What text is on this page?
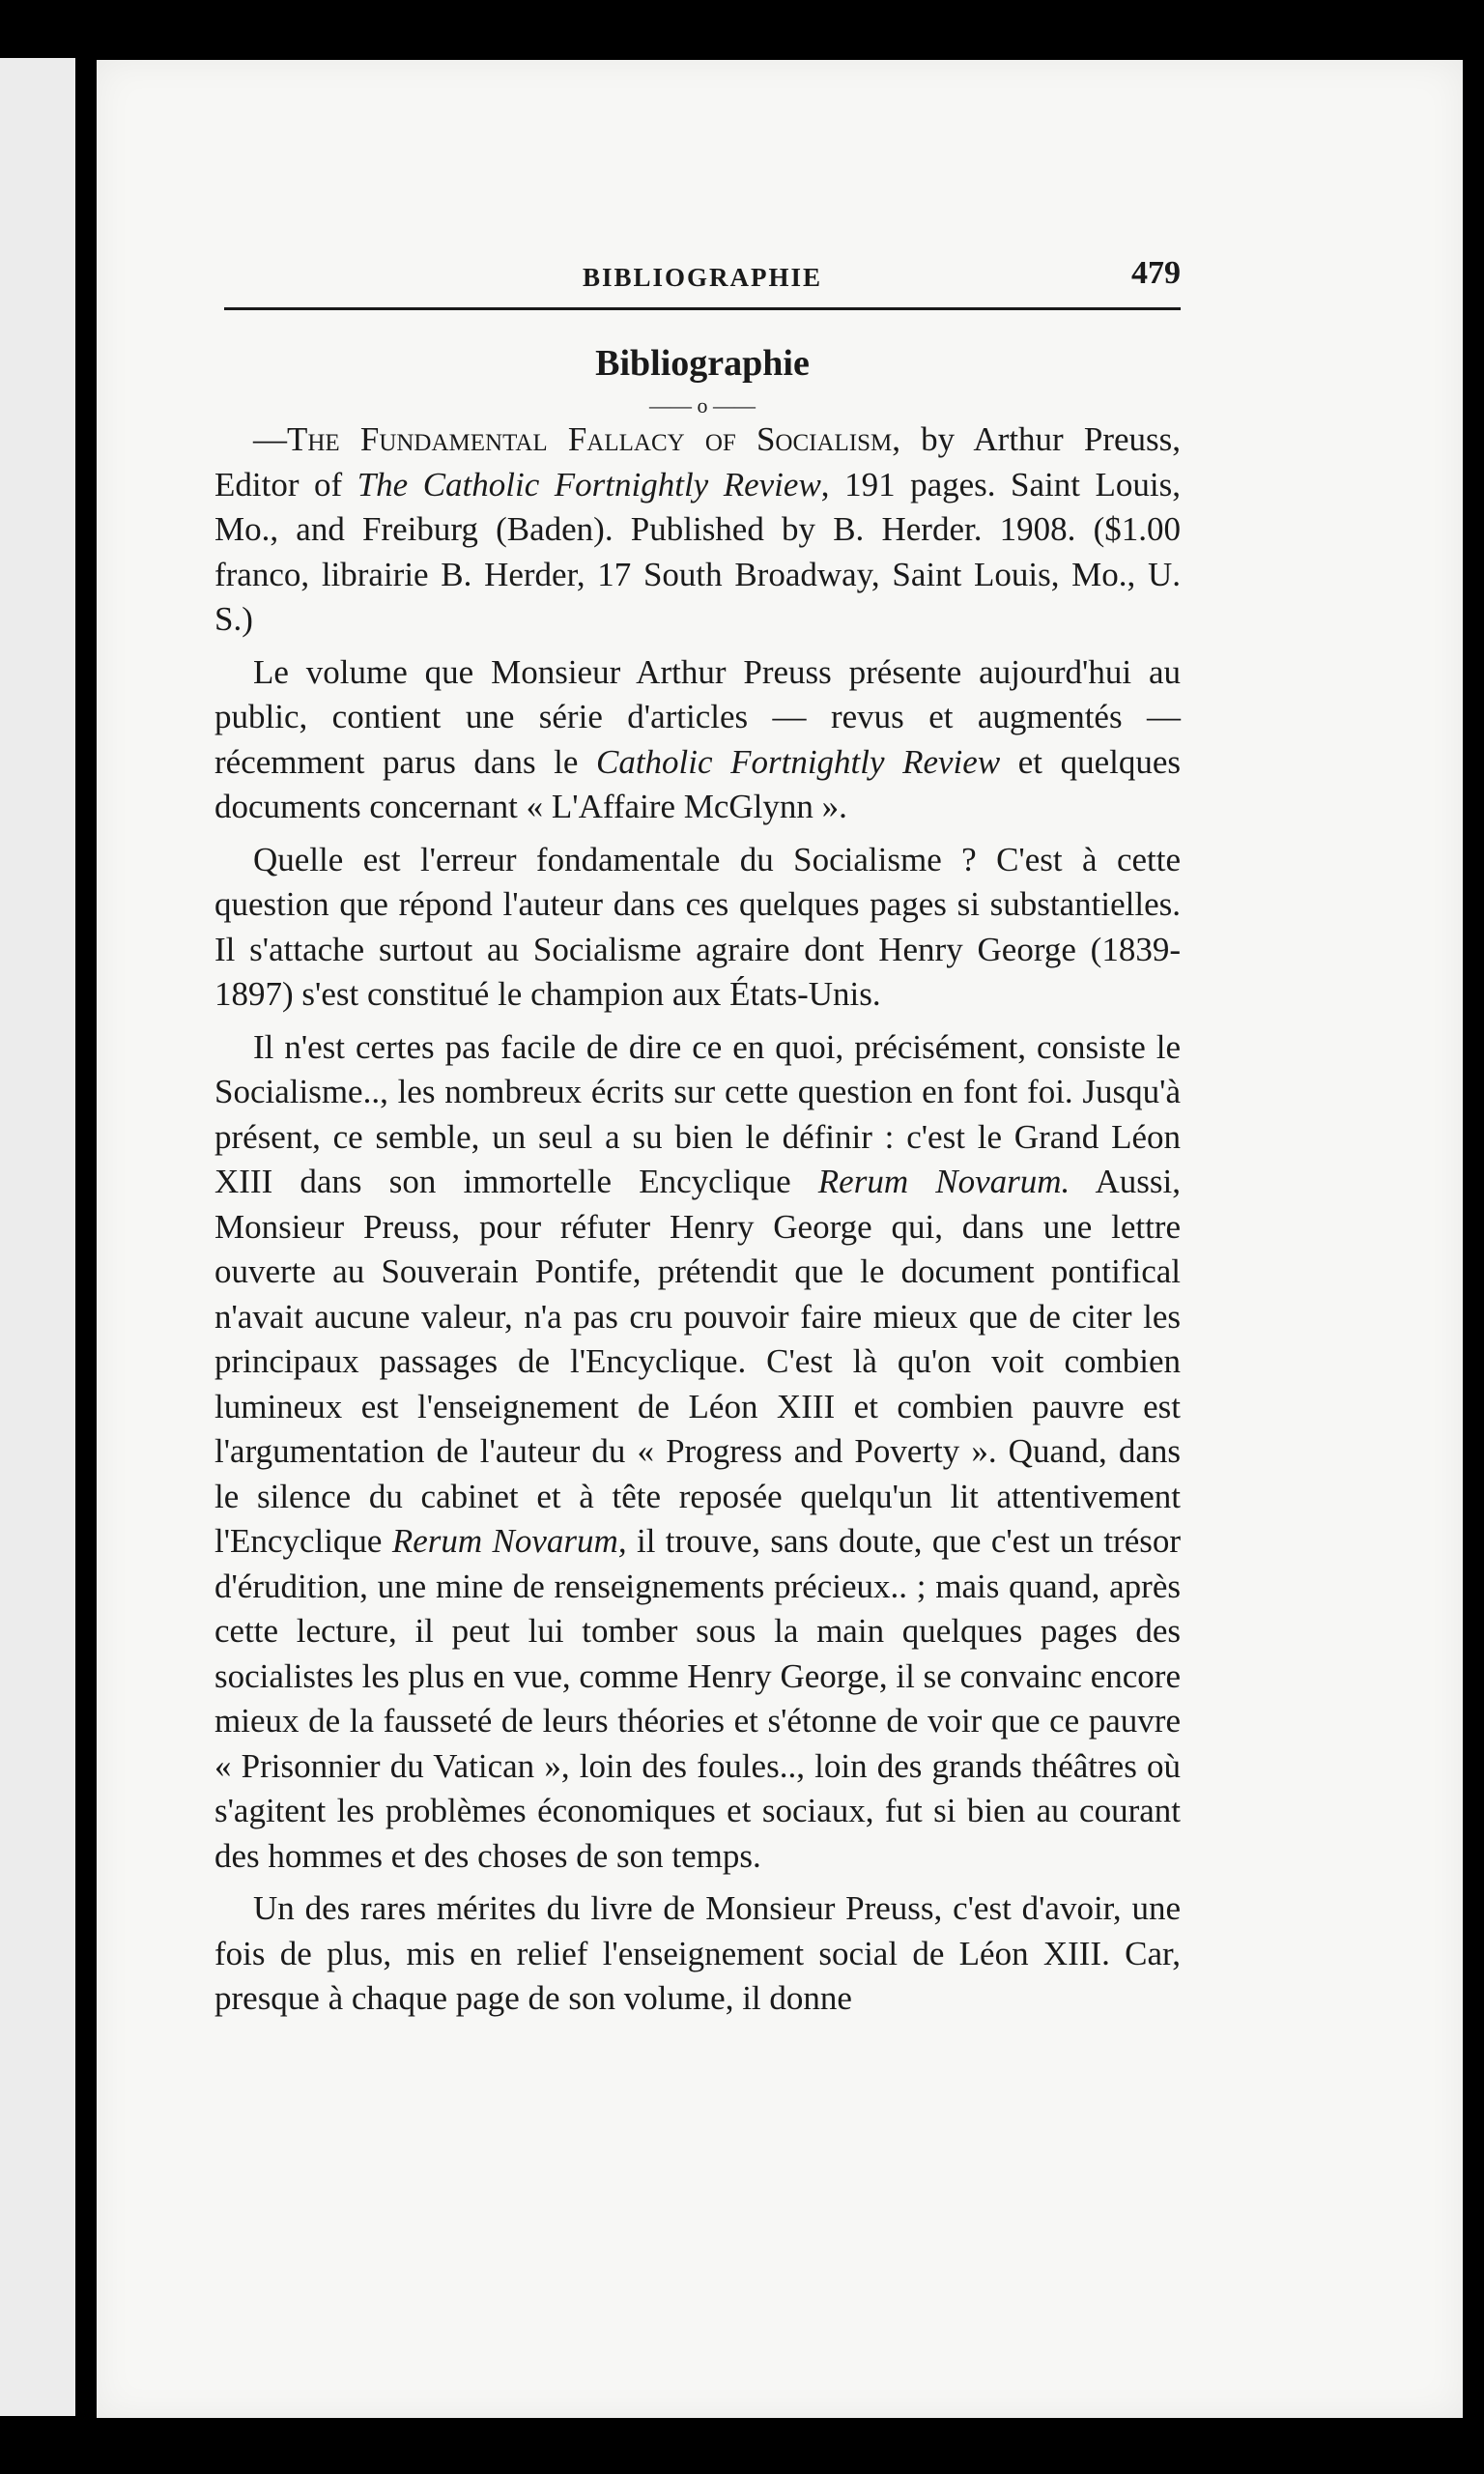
BIBLIOGRAPHIE	479
Bibliographie
—— o ——

—The Fundamental Fallacy of Socialism, by Arthur Preuss, Editor of The Catholic Fortnightly Review, 191 pages. Saint Louis, Mo., and Freiburg (Baden). Published by B. Herder. 1908. ($1.00 franco, librairie B. Herder, 17 South Broadway, Saint Louis, Mo., U. S.)

Le volume que Monsieur Arthur Preuss présente aujourd'hui au public, contient une série d'articles — revus et augmentés — récemment parus dans le Catholic Fortnightly Review et quelques documents concernant « L'Affaire McGlynn ».

Quelle est l'erreur fondamentale du Socialisme ? C'est à cette question que répond l'auteur dans ces quelques pages si substantielles. Il s'attache surtout au Socialisme agraire dont Henry George (1839-1897) s'est constitué le champion aux États-Unis.

Il n'est certes pas facile de dire ce en quoi, précisément, consiste le Socialisme.., les nombreux écrits sur cette question en font foi. Jusqu'à présent, ce semble, un seul a su bien le définir : c'est le Grand Léon XIII dans son immortelle Encyclique Rerum Novarum. Aussi, Monsieur Preuss, pour réfuter Henry George qui, dans une lettre ouverte au Souverain Pontife, prétendit que le document pontifical n'avait aucune valeur, n'a pas cru pouvoir faire mieux que de citer les principaux passages de l'Encyclique. C'est là qu'on voit combien lumineux est l'enseignement de Léon XIII et combien pauvre est l'argumentation de l'auteur du « Progress and Poverty ». Quand, dans le silence du cabinet et à tête reposée quelqu'un lit attentivement l'Encyclique Rerum Novarum, il trouve, sans doute, que c'est un trésor d'érudition, une mine de renseignements précieux.. ; mais quand, après cette lecture, il peut lui tomber sous la main quelques pages des socialistes les plus en vue, comme Henry George, il se convainc encore mieux de la fausseté de leurs théories et s'étonne de voir que ce pauvre « Prisonnier du Vatican », loin des foules.., loin des grands théâtres où s'agitent les problèmes économiques et sociaux, fut si bien au courant des hommes et des choses de son temps.

Un des rares mérites du livre de Monsieur Preuss, c'est d'avoir, une fois de plus, mis en relief l'enseignement social de Léon XIII. Car, presque à chaque page de son volume, il donne
